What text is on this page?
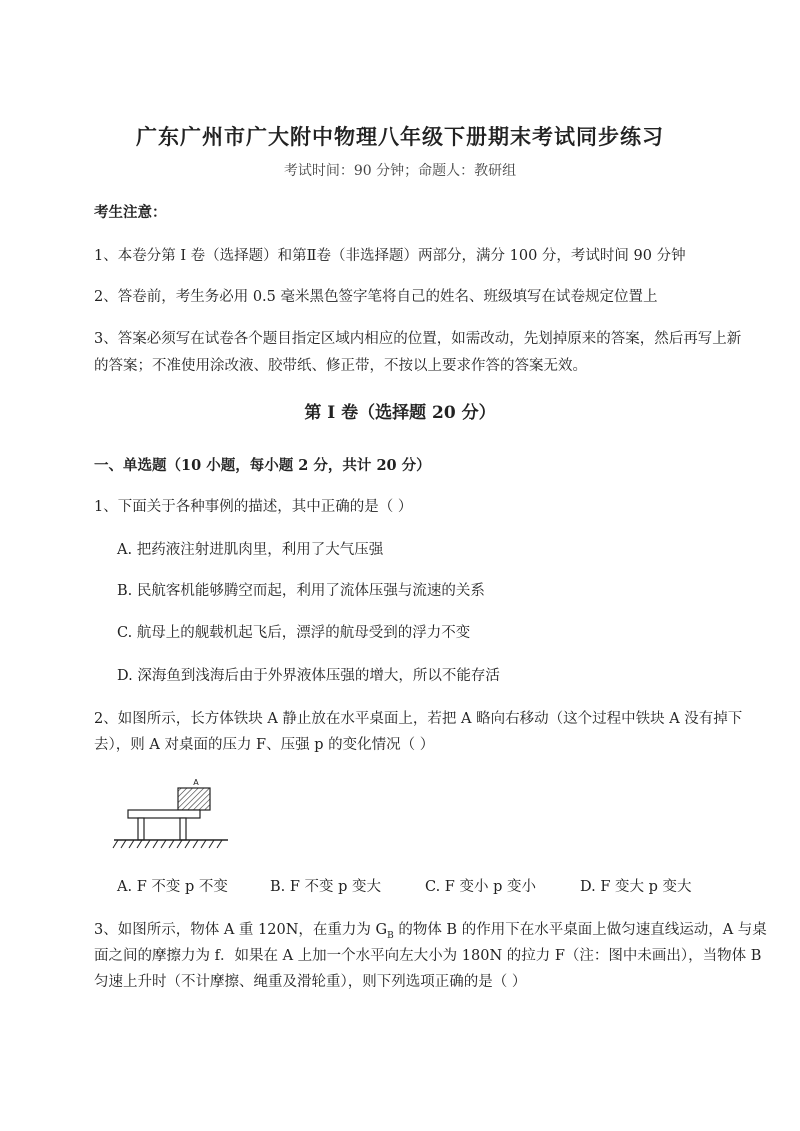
广东广州市广大附中物理八年级下册期末考试同步练习
考试时间：90 分钟；命题人：教研组
考生注意：
1、本卷分第 I 卷（选择题）和第Ⅱ卷（非选择题）两部分，满分 100 分，考试时间 90 分钟
2、答卷前，考生务必用 0.5 毫米黑色签字笔将自己的姓名、班级填写在试卷规定位置上
3、答案必须写在试卷各个题目指定区域内相应的位置，如需改动，先划掉原来的答案，然后再写上新
的答案；不准使用涂改液、胶带纸、修正带，不按以上要求作答的答案无效。
第 I 卷（选择题 20 分）
一、单选题（10 小题，每小题 2 分，共计 20 分）
1、下面关于各种事例的描述，其中正确的是（ ）
A. 把药液注射进肌肉里，利用了大气压强
B. 民航客机能够腾空而起，利用了流体压强与流速的关系
C. 航母上的舰载机起飞后，漂浮的航母受到的浮力不变
D. 深海鱼到浅海后由于外界液体压强的增大，所以不能存活
2、如图所示，长方体铁块 A 静止放在水平桌面上，若把 A 略向右移动（这个过程中铁块 A 没有掉下
去），则 A 对桌面的压力 F、压强 p 的变化情况（ ）
A
A. F 不变 p 不变	B. F 不变 p 变大	C. F 变小 p 变小	D. F 变大 p 变大
3、如图所示，物体 A 重 120N，在重力为 $G_B$ 的物体 B 的作用下在水平桌面上做匀速直线运动，A 与桌
面之间的摩擦力为 f．如果在 A 上加一个水平向左大小为 180N 的拉力 F（注：图中未画出），当物体 B
匀速上升时（不计摩擦、绳重及滑轮重），则下列选项正确的是（ ）
